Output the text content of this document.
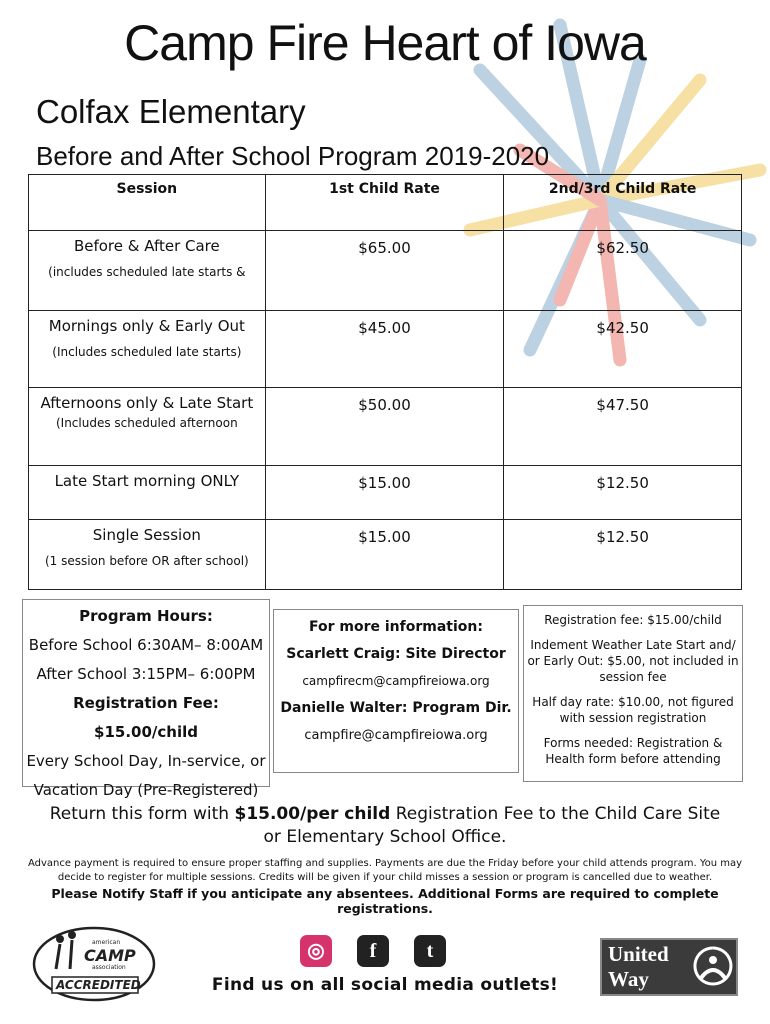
Camp Fire Heart of Iowa
Colfax Elementary
Before and After School Program 2019-2020
Session	1st Child Rate	2nd/3rd Child Rate

Before & After Care
(includes scheduled late starts &	$65.00	$62.50

Mornings only & Early Out
(Includes scheduled late starts)	$45.00	$42.50

Afternoons only & Late Start
(Includes scheduled afternoon	$50.00	$47.50

Late Start morning ONLY	$15.00	$12.50

Single Session
(1 session before OR after school)	$15.00	$12.50
Program Hours:
Before School 6:30AM– 8:00AM
After School 3:15PM– 6:00PM
Registration Fee: $15.00/child
Every School Day, In-service, or
Vacation Day (Pre-Registered)
For more information:
Scarlett Craig: Site Director
campfirecm@campfireiowa.org
Danielle Walter: Program Dir.
campfire@campfireiowa.org
Registration fee: $15.00/child
Indement Weather Late Start and/ or Early Out: $5.00, not included in session fee
Half day rate: $10.00, not figured with session registration
Forms needed: Registration & Health form before attending
Return this form with $15.00/per child Registration Fee to the Child Care Site or Elementary School Office.
Advance payment is required to ensure proper staffing and supplies. Payments are due the Friday before your child attends program. You may decide to register for multiple sessions. Credits will be given if your child misses a session or program is cancelled due to weather.
Please Notify Staff if you anticipate any absentees. Additional Forms are required to complete registrations.
american
CAMP
association
ACCREDITED
◎	f	t
Find us on all social media outlets!
United
Way
